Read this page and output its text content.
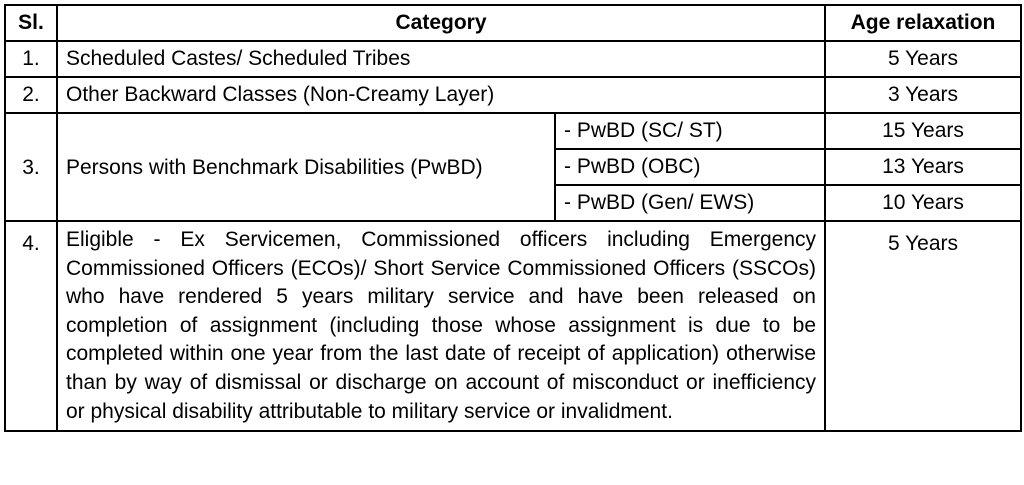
Sl.	Category		Age relaxation
1.	Scheduled Castes/ Scheduled Tribes		5 Years
2.	Other Backward Classes (Non-Creamy Layer)		3 Years
3.	Persons with Benchmark Disabilities (PwBD)	- PwBD (SC/ ST)	15 Years
		- PwBD (OBC)	13 Years
		- PwBD (Gen/ EWS)	10 Years
4.	Eligible - Ex Servicemen, Commissioned officers including Emergency Commissioned Officers (ECOs)/ Short Service Commissioned Officers (SSCOs) who have rendered 5 years military service and have been released on completion of assignment (including those whose assignment is due to be completed within one year from the last date of receipt of application) otherwise than by way of dismissal or discharge on account of misconduct or inefficiency or physical disability attributable to military service or invalidment.		5 Years
